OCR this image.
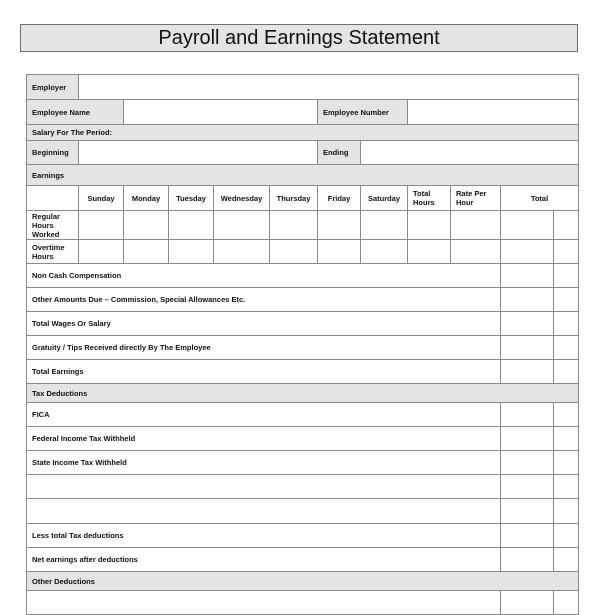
Payroll and Earnings Statement
Employer											
Employee Name						Employee Number					
Salary For The Period:											
Beginning						Ending					
Earnings											
	Sunday	Monday	Tuesday	Wednesday	Thursday	Friday	Saturday	Total Hours	Rate Per Hour	Total	
Regular Hours Worked											
Overtime Hours											
Non Cash Compensation											
Other Amounts Due – Commission, Special Allowances Etc.											
Total Wages Or Salary											
Gratuity / Tips Received directly By The Employee											
Total Earnings											
Tax Deductions											
FICA											
Federal Income Tax Withheld											
State Income Tax Withheld											

Less total Tax deductions											
Net earnings after deductions											
Other Deductions											
